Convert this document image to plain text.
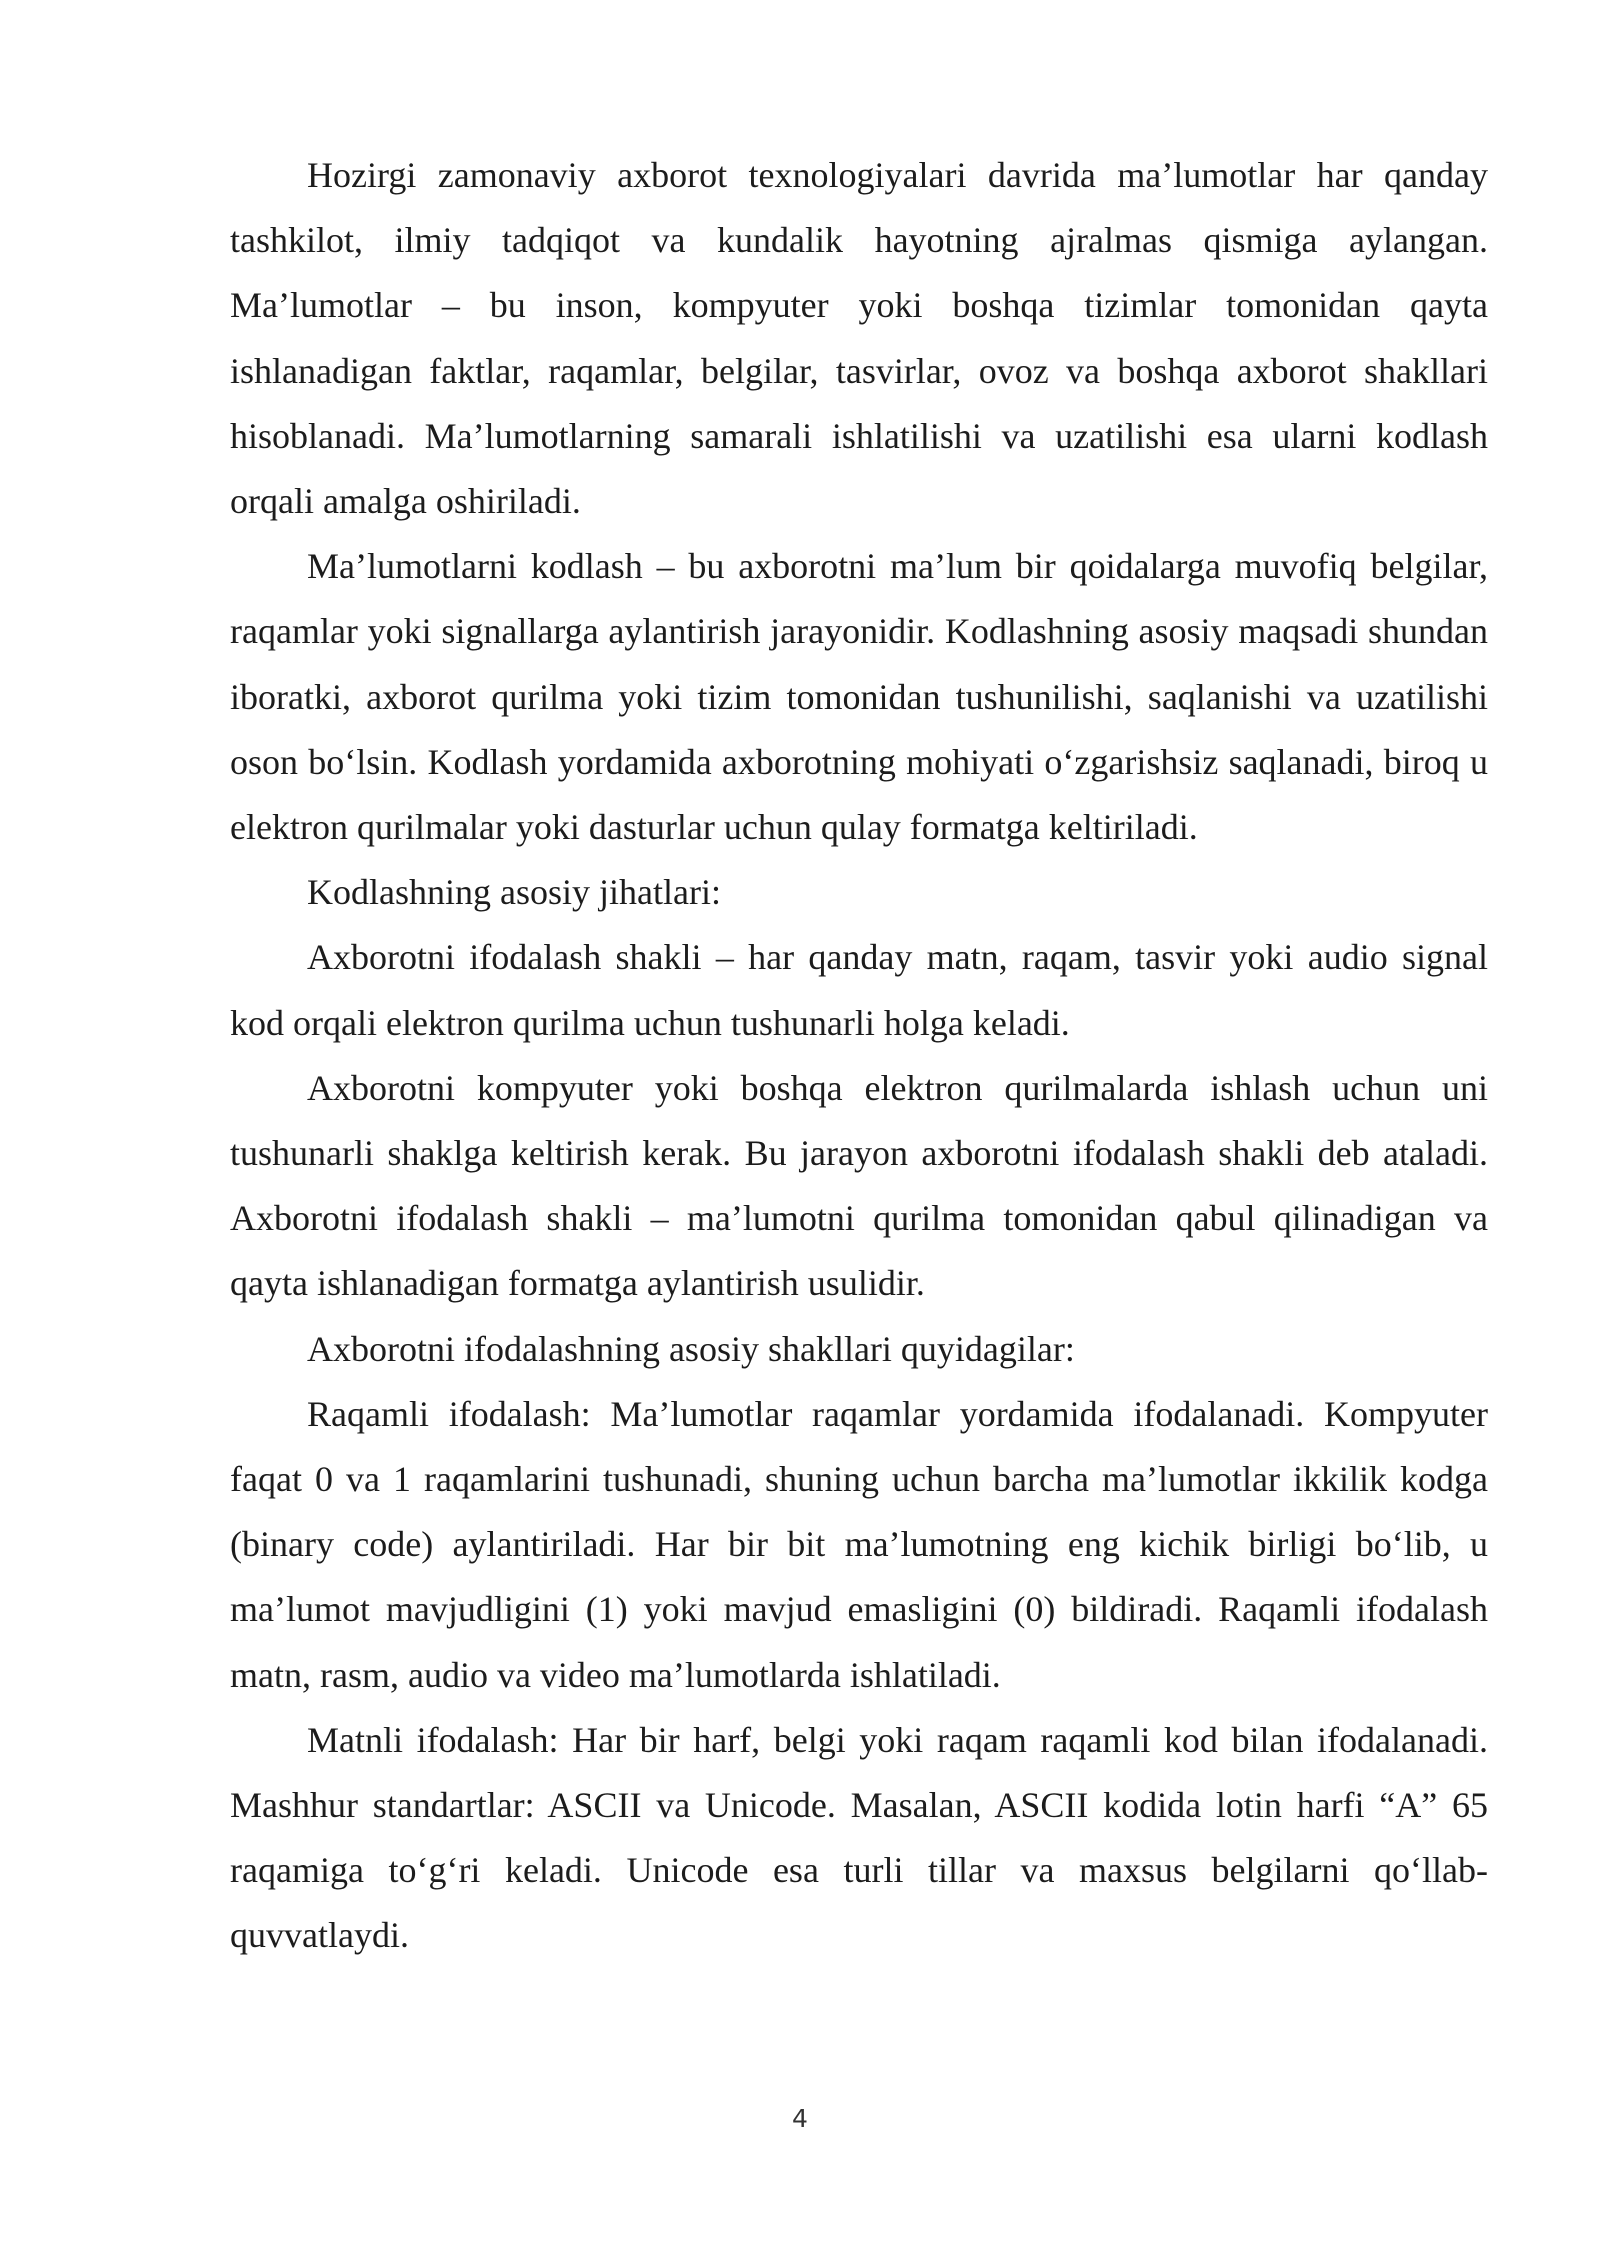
Hozirgi zamonaviy axborot texnologiyalari davrida ma’lumotlar har qanday tashkilot, ilmiy tadqiqot va kundalik hayotning ajralmas qismiga aylangan. Ma’lumotlar – bu inson, kompyuter yoki boshqa tizimlar tomonidan qayta ishlanadigan faktlar, raqamlar, belgilar, tasvirlar, ovoz va boshqa axborot shakllari hisoblanadi. Ma’lumotlarning samarali ishlatilishi va uzatilishi esa ularni kodlash orqali amalga oshiriladi.

Ma’lumotlarni kodlash – bu axborotni ma’lum bir qoidalarga muvofiq belgilar, raqamlar yoki signallarga aylantirish jarayonidir. Kodlashning asosiy maqsadi shundan iboratki, axborot qurilma yoki tizim tomonidan tushunilishi, saqlanishi va uzatilishi oson bo‘lsin. Kodlash yordamida axborotning mohiyati o‘zgarishsiz saqlanadi, biroq u elektron qurilmalar yoki dasturlar uchun qulay formatga keltiriladi.

Kodlashning asosiy jihatlari:

Axborotni ifodalash shakli – har qanday matn, raqam, tasvir yoki audio signal kod orqali elektron qurilma uchun tushunarli holga keladi.

Axborotni kompyuter yoki boshqa elektron qurilmalarda ishlash uchun uni tushunarli shaklga keltirish kerak. Bu jarayon axborotni ifodalash shakli deb ataladi. Axborotni ifodalash shakli – ma’lumotni qurilma tomonidan qabul qilinadigan va qayta ishlanadigan formatga aylantirish usulidir.

Axborotni ifodalashning asosiy shakllari quyidagilar:

Raqamli ifodalash: Ma’lumotlar raqamlar yordamida ifodalanadi. Kompyuter faqat 0 va 1 raqamlarini tushunadi, shuning uchun barcha ma’lumotlar ikkilik kodga (binary code) aylantiriladi. Har bir bit ma’lumotning eng kichik birligi bo‘lib, u ma’lumot mavjudligini (1) yoki mavjud emasligini (0) bildiradi. Raqamli ifodalash matn, rasm, audio va video ma’lumotlarda ishlatiladi.

Matnli ifodalash: Har bir harf, belgi yoki raqam raqamli kod bilan ifodalanadi. Mashhur standartlar: ASCII va Unicode. Masalan, ASCII kodida lotin harfi “A” 65 raqamiga to‘g‘ri keladi. Unicode esa turli tillar va maxsus belgilarni qo‘llab-quvvatlaydi.

4
